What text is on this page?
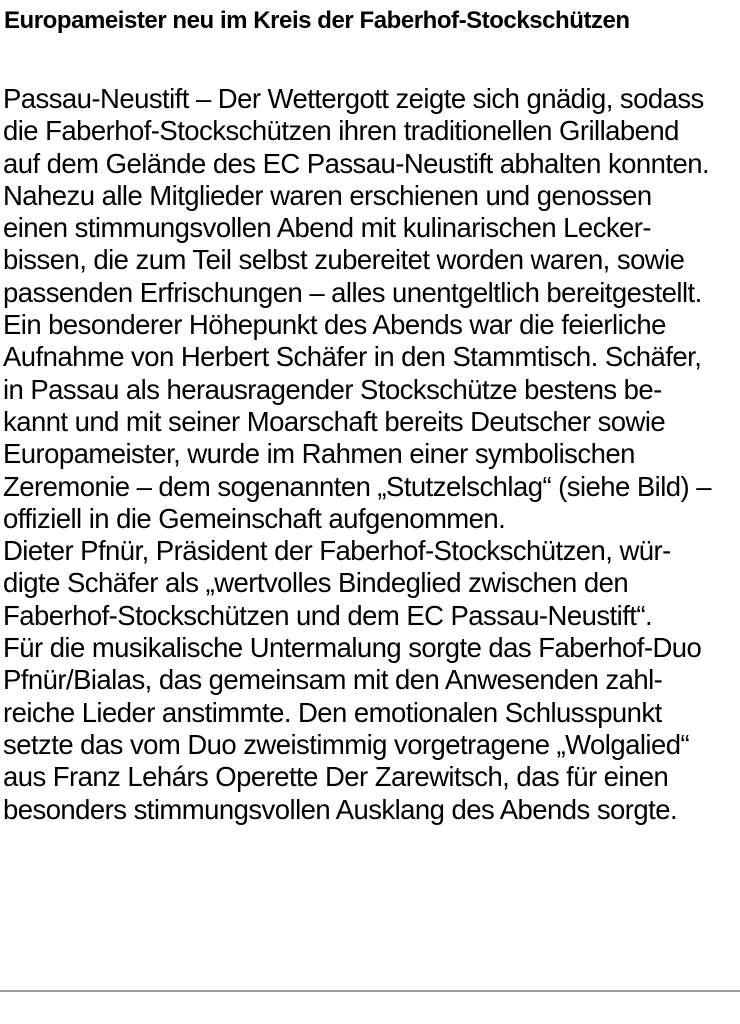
Europameister neu im Kreis der Faberhof-Stockschützen
Passau-Neustift – Der Wettergott zeigte sich gnädig, sodass
die Faberhof-Stockschützen ihren traditionellen Grillabend
auf dem Gelände des EC Passau-Neustift abhalten konnten.
Nahezu alle Mitglieder waren erschienen und genossen
einen stimmungsvollen Abend mit kulinarischen Lecker-
bissen, die zum Teil selbst zubereitet worden waren, sowie
passenden Erfrischungen – alles unentgeltlich bereitgestellt.
Ein besonderer Höhepunkt des Abends war die feierliche
Aufnahme von Herbert Schäfer in den Stammtisch. Schäfer,
in Passau als herausragender Stockschütze bestens be-
kannt und mit seiner Moarschaft bereits Deutscher sowie
Europameister, wurde im Rahmen einer symbolischen
Zeremonie – dem sogenannten „Stutzelschlag“ (siehe Bild) –
offiziell in die Gemeinschaft aufgenommen.
Dieter Pfnür, Präsident der Faberhof-Stockschützen, wür-
digte Schäfer als „wertvolles Bindeglied zwischen den
Faberhof-Stockschützen und dem EC Passau-Neustift“.
Für die musikalische Untermalung sorgte das Faberhof-Duo
Pfnür/Bialas, das gemeinsam mit den Anwesenden zahl-
reiche Lieder anstimmte. Den emotionalen Schlusspunkt
setzte das vom Duo zweistimmig vorgetragene „Wolgalied“
aus Franz Lehárs Operette Der Zarewitsch, das für einen
besonders stimmungsvollen Ausklang des Abends sorgte.
